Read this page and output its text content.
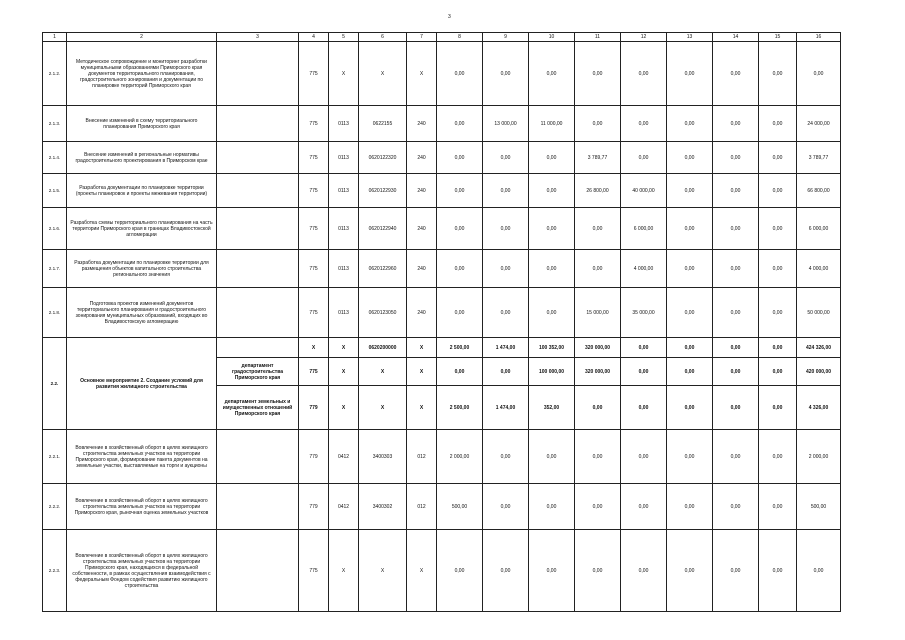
3
1	2	3	4	5	6	7	8	9	10	11	12	13	14	15	16
2.1.2.	Методическое сопровождение и мониторинг разработки муниципальными образованиями Приморского края документов территориального планирования, градостроительного зонирования и документации по планировке территорий Приморского края		775	X	X	X	0,00	0,00	0,00	0,00	0,00	0,00	0,00	0,00	0,00
2.1.3.	Внесение изменений в схему территориального планирования Приморского края		775	0113	0622155	240	0,00	13 000,00	11 000,00	0,00	0,00	0,00	0,00	0,00	24 000,00
2.1.4.	Внесение изменений в региональные нормативы градостроительного проектирования в Приморском крае		775	0113	0620122320	240	0,00	0,00	0,00	3 789,77	0,00	0,00	0,00	0,00	3 789,77
2.1.5.	Разработка документации по планировке территории (проекты планировок и проекты межевания территории)		775	0113	0620122930	240	0,00	0,00	0,00	26 800,00	40 000,00	0,00	0,00	0,00	66 800,00
2.1.6.	Разработка схемы территориального планирования на часть территории Приморского края в границах Владивостокской агломерации		775	0113	0620122940	240	0,00	0,00	0,00	0,00	6 000,00	0,00	0,00	0,00	6 000,00
2.1.7.	Разработка документации по планировке территории для размещения объектов капитального строительства регионального значения		775	0113	0620122960	240	0,00	0,00	0,00	0,00	4 000,00	0,00	0,00	0,00	4 000,00
2.1.8.	Подготовка проектов изменений документов территориального планирования и градостроительного зонирования муниципальных образований, входящих во Владивостокскую агломерацию		775	0113	0620123050	240	0,00	0,00	0,00	15 000,00	35 000,00	0,00	0,00	0,00	50 000,00
2.2.	Основное мероприятие 2. Создание условий для развития жилищного строительства		X	X	0620200000	X	2 500,00	1 474,00	100 352,00	320 000,00	0,00	0,00	0,00	0,00	424 326,00
		департамент градостроительства Приморского края	775	X	X	X	0,00	0,00	100 000,00	320 000,00	0,00	0,00	0,00	0,00	420 000,00
		департамент земельных и имущественных отношений Приморского края	779	X	X	X	2 500,00	1 474,00	352,00	0,00	0,00	0,00	0,00	0,00	4 326,00
2.2.1.	Вовлечение в хозяйственный оборот в целях жилищного строительства земельных участков на территории Приморского края, формирование пакета документов на земельные участки, выставляемые на торги и аукционы		779	0412	3400303	012	2 000,00	0,00	0,00	0,00	0,00	0,00	0,00	0,00	2 000,00
2.2.2.	Вовлечение в хозяйственный оборот в целях жилищного строительства земельных участков на территории Приморского края, рыночная оценка земельных участков		779	0412	3400302	012	500,00	0,00	0,00	0,00	0,00	0,00	0,00	0,00	500,00
2.2.3.	Вовлечение в хозяйственный оборот в целях жилищного строительства земельных участков на территории Приморского края, находящихся в федеральной собственности, в рамках осуществления взаимодействия с федеральным Фондом содействия развитию жилищного строительства		775	X	X	X	0,00	0,00	0,00	0,00	0,00	0,00	0,00	0,00	0,00
